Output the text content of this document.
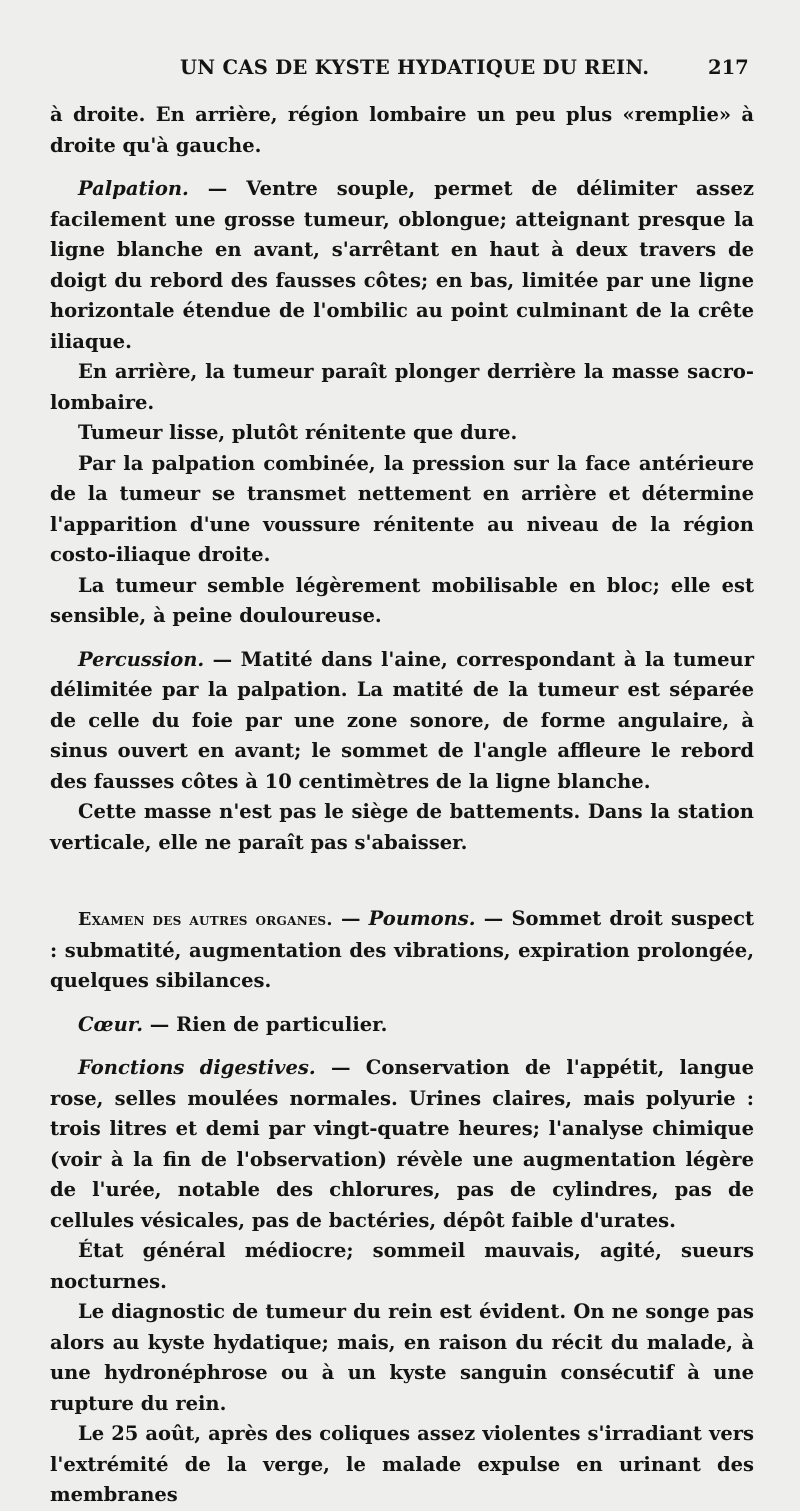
UN CAS DE KYSTE HYDATIQUE DU REIN.	217

à droite. En arrière, région lombaire un peu plus «remplie» à droite qu'à gauche.

Palpation. — Ventre souple, permet de délimiter assez facilement une grosse tumeur, oblongue; atteignant presque la ligne blanche en avant, s'arrêtant en haut à deux travers de doigt du rebord des fausses côtes; en bas, limitée par une ligne horizontale étendue de l'ombilic au point culminant de la crête iliaque.

En arrière, la tumeur paraît plonger derrière la masse sacro-lombaire.

Tumeur lisse, plutôt rénitente que dure.

Par la palpation combinée, la pression sur la face antérieure de la tumeur se transmet nettement en arrière et détermine l'apparition d'une voussure rénitente au niveau de la région costo-iliaque droite.

La tumeur semble légèrement mobilisable en bloc; elle est sensible, à peine douloureuse.

Percussion. — Matité dans l'aine, correspondant à la tumeur délimitée par la palpation. La matité de la tumeur est séparée de celle du foie par une zone sonore, de forme angulaire, à sinus ouvert en avant; le sommet de l'angle affleure le rebord des fausses côtes à 10 centimètres de la ligne blanche.

Cette masse n'est pas le siège de battements. Dans la station verticale, elle ne paraît pas s'abaisser.

Examen des autres organes. — Poumons. — Sommet droit suspect : submatité, augmentation des vibrations, expiration prolongée, quelques sibilances.

Cœur. — Rien de particulier.

Fonctions digestives. — Conservation de l'appétit, langue rose, selles moulées normales. Urines claires, mais polyurie : trois litres et demi par vingt-quatre heures; l'analyse chimique (voir à la fin de l'observation) révèle une augmentation légère de l'urée, notable des chlorures, pas de cylindres, pas de cellules vésicales, pas de bactéries, dépôt faible d'urates.

État général médiocre; sommeil mauvais, agité, sueurs nocturnes.

Le diagnostic de tumeur du rein est évident. On ne songe pas alors au kyste hydatique; mais, en raison du récit du malade, à une hydronéphrose ou à un kyste sanguin consécutif à une rupture du rein.

Le 25 août, après des coliques assez violentes s'irradiant vers l'extrémité de la verge, le malade expulse en urinant des membranes
